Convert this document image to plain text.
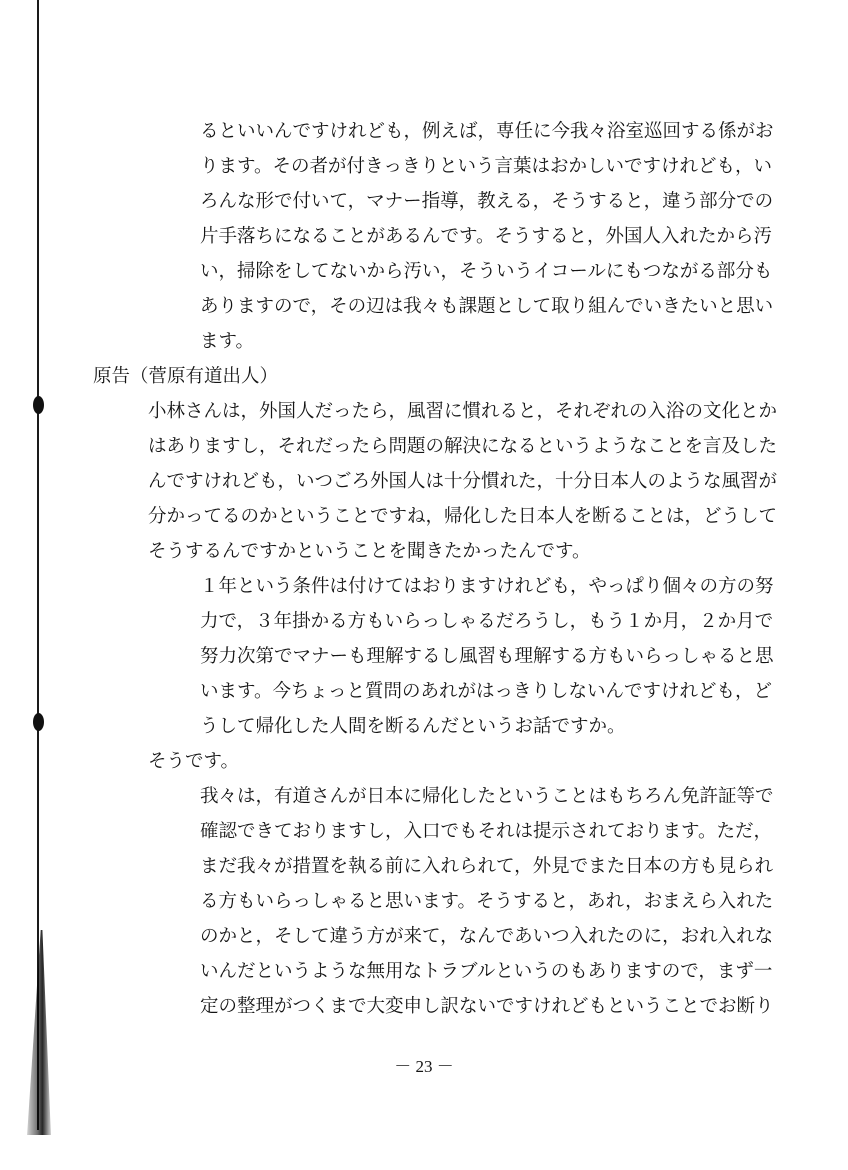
るといいんですけれども，例えば，専任に今我々浴室巡回する係がお
ります。その者が付きっきりという言葉はおかしいですけれども，い
ろんな形で付いて，マナー指導，教える，そうすると，違う部分での
片手落ちになることがあるんです。そうすると，外国人入れたから汚
い，掃除をしてないから汚い，そういうイコールにもつながる部分も
ありますので，その辺は我々も課題として取り組んでいきたいと思い
ます。
原告（菅原有道出人）
小林さんは，外国人だったら，風習に慣れると，それぞれの入浴の文化とか
はありますし，それだったら問題の解決になるというようなことを言及した
んですけれども，いつごろ外国人は十分慣れた，十分日本人のような風習が
分かってるのかということですね，帰化した日本人を断ることは，どうして
そうするんですかということを聞きたかったんです。
１年という条件は付けてはおりますけれども，やっぱり個々の方の努
力で，３年掛かる方もいらっしゃるだろうし，もう１か月，２か月で
努力次第でマナーも理解するし風習も理解する方もいらっしゃると思
います。今ちょっと質問のあれがはっきりしないんですけれども，ど
うして帰化した人間を断るんだというお話ですか。
そうです。
我々は，有道さんが日本に帰化したということはもちろん免許証等で
確認できておりますし，入口でもそれは提示されております。ただ，
まだ我々が措置を執る前に入れられて，外見でまた日本の方も見られ
る方もいらっしゃると思います。そうすると，あれ，おまえら入れた
のかと，そして違う方が来て，なんであいつ入れたのに，おれ入れな
いんだというような無用なトラブルというのもありますので，まず一
定の整理がつくまで大変申し訳ないですけれどもということでお断り
－ 23 －
